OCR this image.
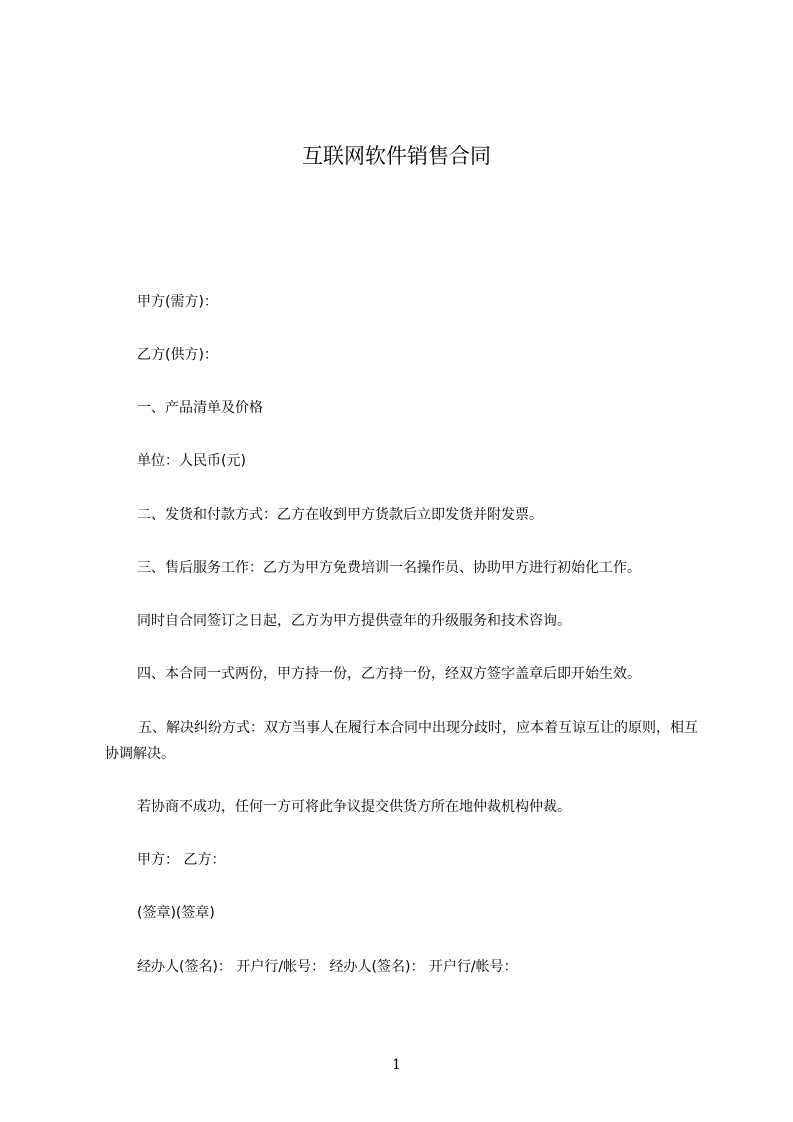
互联网软件销售合同
甲方(需方)：
乙方(供方)：
一、产品清单及价格
单位：人民币(元)
二、发货和付款方式：乙方在收到甲方货款后立即发货并附发票。
三、售后服务工作：乙方为甲方免费培训一名操作员、协助甲方进行初始化工作。
同时自合同签订之日起，乙方为甲方提供壹年的升级服务和技术咨询。
四、本合同一式两份，甲方持一份，乙方持一份，经双方签字盖章后即开始生效。
五、解决纠纷方式：双方当事人在履行本合同中出现分歧时，应本着互谅互让的原则，相互协调解决。
若协商不成功，任何一方可将此争议提交供货方所在地仲裁机构仲裁。
甲方： 乙方：
(签章)(签章)
经办人(签名)： 开户行/帐号： 经办人(签名)： 开户行/帐号：
1
